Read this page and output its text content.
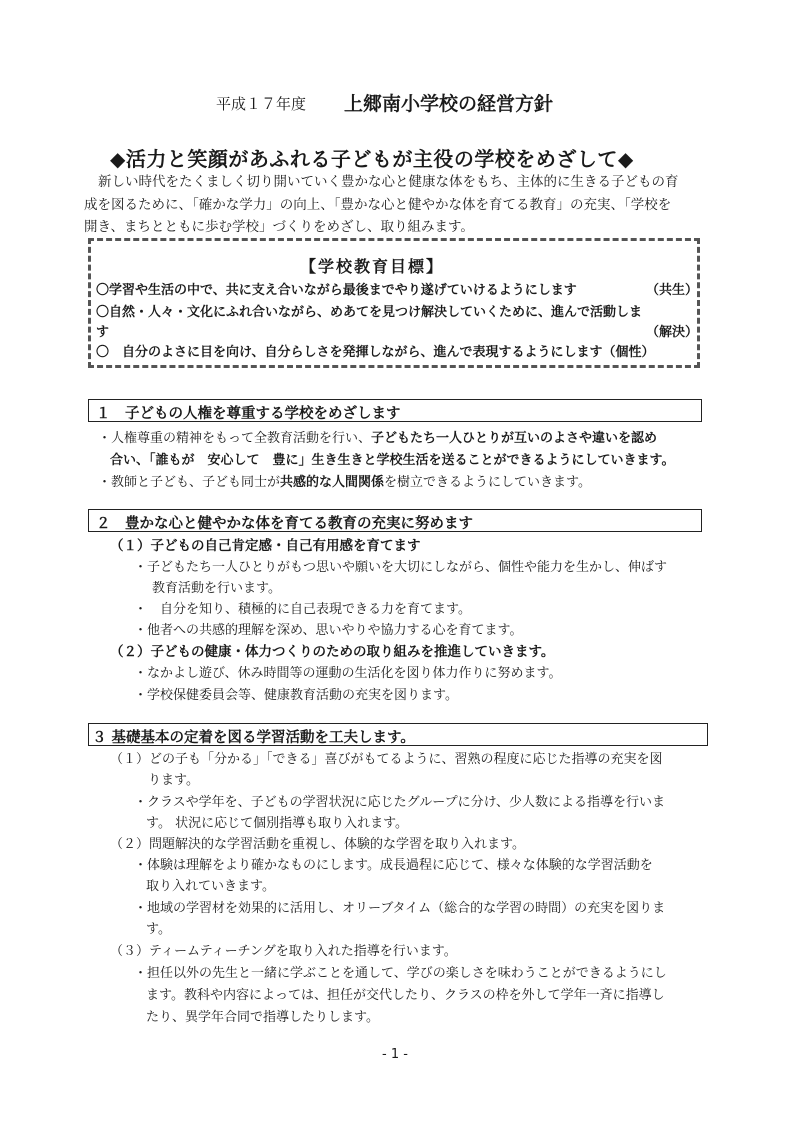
平成１７年度 上郷南小学校の経営方針
◆活力と笑顔があふれる子どもが主役の学校をめざして◆
新しい時代をたくましく切り開いていく豊かな心と健康な体をもち、主体的に生きる子どもの育
成を図るために、「確かな学力」の向上、「豊かな心と健やかな体を育てる教育」の充実、「学校を
開き、まちとともに歩む学校」づくりをめざし、取り組みます。
【学校教育目標】
〇学習や生活の中で、共に支え合いながら最後までやり遂げていけるようにします	（共生）
〇自然・人々・文化にふれ合いながら、めあてを見つけ解決していくために、進んで活動しま
す	（解決）
〇　自分のよさに目を向け、自分らしさを発揮しながら、進んで表現するようにします（個性）
１　子どもの人権を尊重する学校をめざします
・人権尊重の精神をもって全教育活動を行い、子どもたち一人ひとりが互いのよさや違いを認め
合い、「誰もが　安心して　豊に」生き生きと学校生活を送ることができるようにしていきます。
・教師と子ども、子ども同士が共感的な人間関係を樹立できるようにしていきます。
２　豊かな心と健やかな体を育てる教育の充実に努めます
（１）子どもの自己肯定感・自己有用感を育てます
・子どもたち一人ひとりがもつ思いや願いを大切にしながら、個性や能力を生かし、伸ばす
教育活動を行います。
・　自分を知り、積極的に自己表現できる力を育てます。
・他者への共感的理解を深め、思いやりや協力する心を育てます。
（２）子どもの健康・体力つくりのための取り組みを推進していきます。
・なかよし遊び、休み時間等の運動の生活化を図り体力作りに努めます。
・学校保健委員会等、健康教育活動の充実を図ります。
３ 基礎基本の定着を図る学習活動を工夫します。
（１）どの子も「分かる」「できる」喜びがもてるように、習熟の程度に応じた指導の充実を図
ります。
・クラスや学年を、子どもの学習状況に応じたグループに分け、少人数による指導を行いま
す。 状況に応じて個別指導も取り入れます。
（２）問題解決的な学習活動を重視し、体験的な学習を取り入れます。
・体験は理解をより確かなものにします。成長過程に応じて、様々な体験的な学習活動を
取り入れていきます。
・地域の学習材を効果的に活用し、オリーブタイム（総合的な学習の時間）の充実を図りま
す。
（３）ティームティーチングを取り入れた指導を行います。
・担任以外の先生と一緒に学ぶことを通して、学びの楽しさを味わうことができるようにし
ます。教科や内容によっては、担任が交代したり、クラスの枠を外して学年一斉に指導し
たり、異学年合同で指導したりします。
- 1 -
